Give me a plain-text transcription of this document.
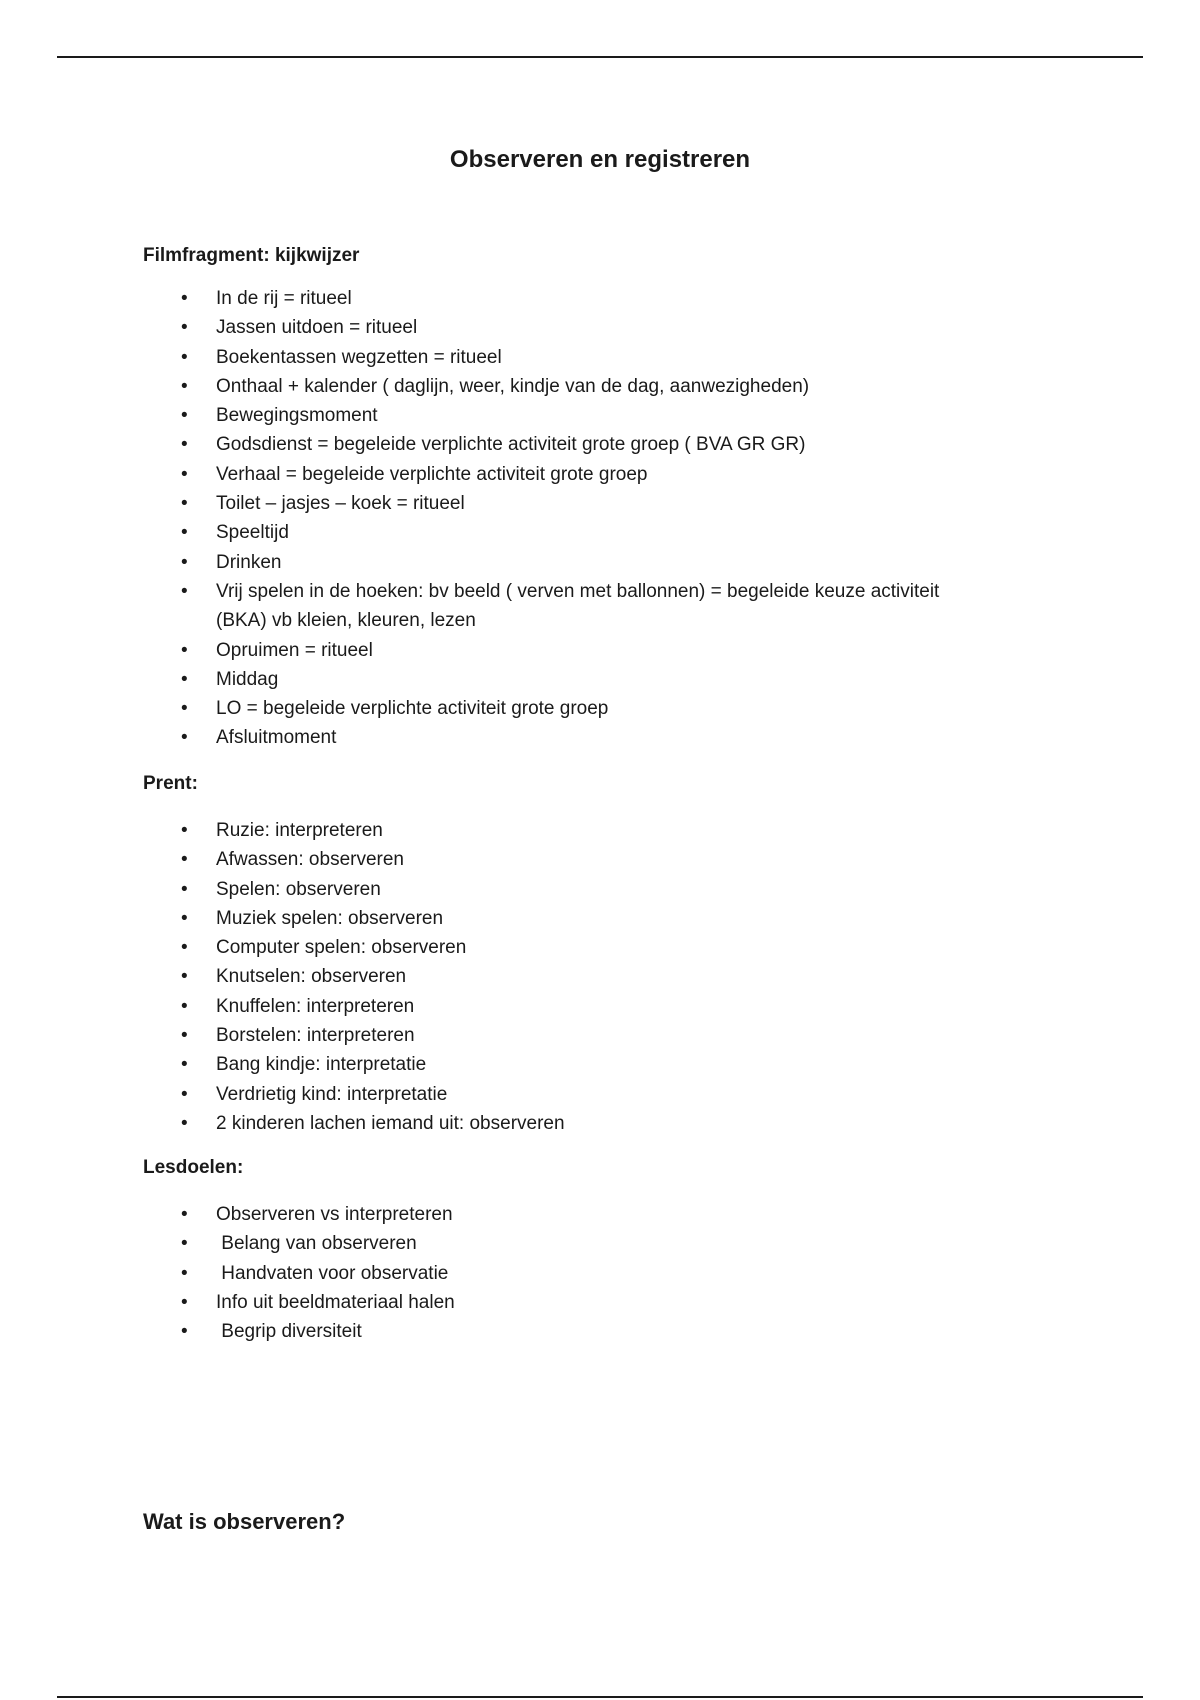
Observeren en registreren

Filmfragment: kijkwijzer

• In de rij = ritueel
• Jassen uitdoen = ritueel
• Boekentassen wegzetten = ritueel
• Onthaal + kalender ( daglijn, weer, kindje van de dag, aanwezigheden)
• Bewegingsmoment
• Godsdienst = begeleide verplichte activiteit grote groep ( BVA GR GR)
• Verhaal = begeleide verplichte activiteit grote groep
• Toilet – jasjes – koek = ritueel
• Speeltijd
• Drinken
• Vrij spelen in de hoeken: bv beeld ( verven met ballonnen) = begeleide keuze activiteit (BKA) vb kleien, kleuren, lezen
• Opruimen = ritueel
• Middag
• LO = begeleide verplichte activiteit grote groep
• Afsluitmoment

Prent:

• Ruzie: interpreteren
• Afwassen: observeren
• Spelen: observeren
• Muziek spelen: observeren
• Computer spelen: observeren
• Knutselen: observeren
• Knuffelen: interpreteren
• Borstelen: interpreteren
• Bang kindje: interpretatie
• Verdrietig kind: interpretatie
• 2 kinderen lachen iemand uit: observeren

Lesdoelen:

• Observeren vs interpreteren
• Belang van observeren
• Handvaten voor observatie
• Info uit beeldmateriaal halen
• Begrip diversiteit

Wat is observeren?
